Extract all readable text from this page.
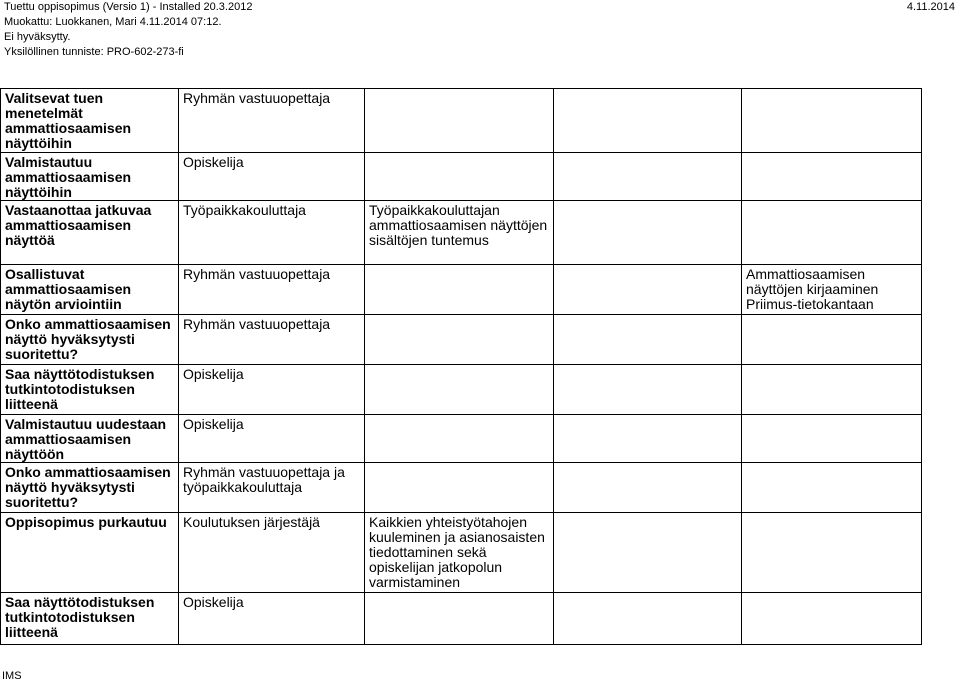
Tuettu oppisopimus (Versio 1) - Installed 20.3.2012
Muokattu: Luokkanen, Mari 4.11.2014 07:12.
Ei hyväksytty.
Yksilöllinen tunniste: PRO-602-273-fi
4.11.2014
Valitsevat tuen menetelmät ammattiosaamisen näyttöihin	Ryhmän vastuuopettaja				
Valmistautuu ammattiosaamisen näyttöihin	Opiskelija				
Vastaanottaa jatkuvaa ammattiosaamisen näyttöä	Työpaikkakouluttaja	Työpaikkakouluttajan ammattiosaamisen näyttöjen sisältöjen tuntemus			
Osallistuvat ammattiosaamisen näytön arviointiin	Ryhmän vastuuopettaja			Ammattiosaamisen näyttöjen kirjaaminen Priimus-tietokantaan	
Onko ammattiosaamisen näyttö hyväksytysti suoritettu?	Ryhmän vastuuopettaja				
Saa näyttötodistuksen tutkintotodistuksen liitteenä	Opiskelija				
Valmistautuu uudestaan ammattiosaamisen näyttöön	Opiskelija				
Onko ammattiosaamisen näyttö hyväksytysti suoritettu?	Ryhmän vastuuopettaja ja työpaikkakouluttaja				
Oppisopimus purkautuu	Koulutuksen järjestäjä	Kaikkien yhteistyötahojen kuuleminen ja asianosaisten tiedottaminen sekä opiskelijan jatkopolun varmistaminen			
Saa näyttötodistuksen tutkintotodistuksen liitteenä	Opiskelija				
IMS
